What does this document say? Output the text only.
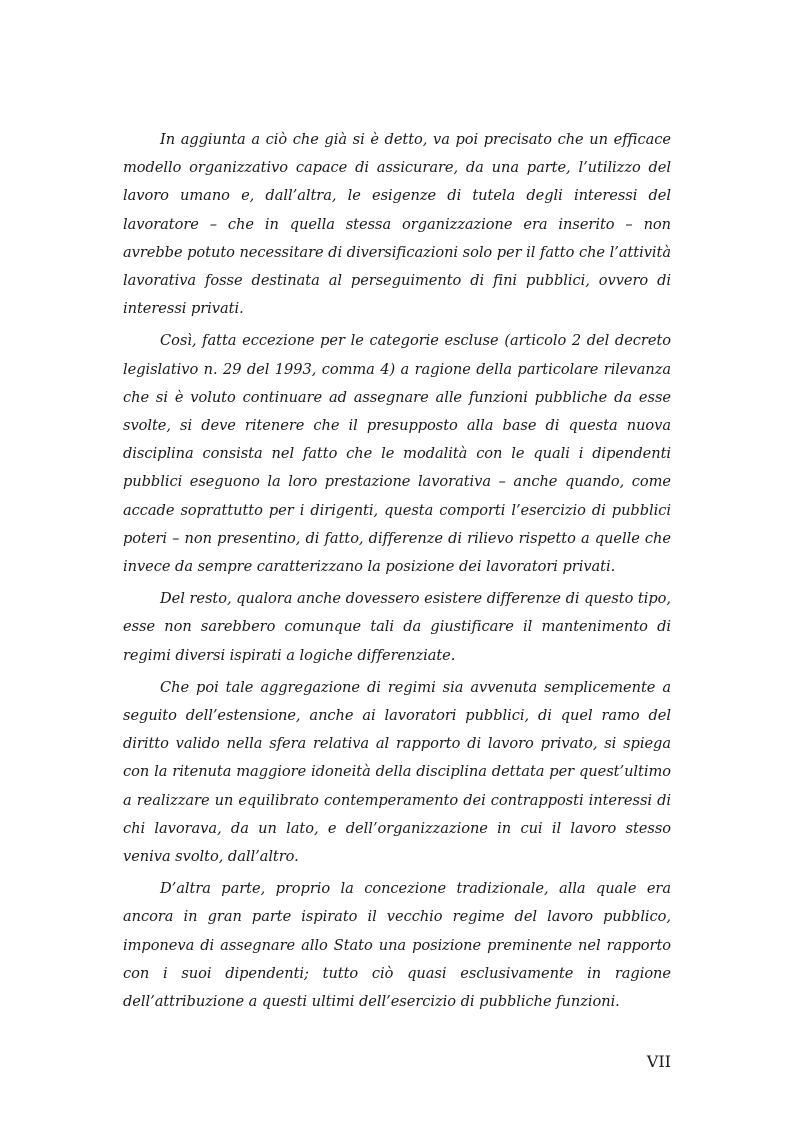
In aggiunta a ciò che già si è detto, va poi precisato che un efficace modello organizzativo capace di assicurare, da una parte, l’utilizzo del lavoro umano e, dall’altra, le esigenze di tutela degli interessi del lavoratore – che in quella stessa organizzazione era inserito – non avrebbe potuto necessitare di diversificazioni solo per il fatto che l’attività lavorativa fosse destinata al perseguimento di fini pubblici, ovvero di interessi privati.

Così, fatta eccezione per le categorie escluse (articolo 2 del decreto legislativo n. 29 del 1993, comma 4) a ragione della particolare rilevanza che si è voluto continuare ad assegnare alle funzioni pubbliche da esse svolte, si deve ritenere che il presupposto alla base di questa nuova disciplina consista nel fatto che le modalità con le quali i dipendenti pubblici eseguono la loro prestazione lavorativa – anche quando, come accade soprattutto per i dirigenti, questa comporti l’esercizio di pubblici poteri – non presentino, di fatto, differenze di rilievo rispetto a quelle che invece da sempre caratterizzano la posizione dei lavoratori privati.

Del resto, qualora anche dovessero esistere differenze di questo tipo, esse non sarebbero comunque tali da giustificare il mantenimento di regimi diversi ispirati a logiche differenziate.

Che poi tale aggregazione di regimi sia avvenuta semplicemente a seguito dell’estensione, anche ai lavoratori pubblici, di quel ramo del diritto valido nella sfera relativa al rapporto di lavoro privato, si spiega con la ritenuta maggiore idoneità della disciplina dettata per quest’ultimo a realizzare un equilibrato contemperamento dei contrapposti interessi di chi lavorava, da un lato, e dell’organizzazione in cui il lavoro stesso veniva svolto, dall’altro.

D’altra parte, proprio la concezione tradizionale, alla quale era ancora in gran parte ispirato il vecchio regime del lavoro pubblico, imponeva di assegnare allo Stato una posizione preminente nel rapporto con i suoi dipendenti; tutto ciò quasi esclusivamente in ragione dell’attribuzione a questi ultimi dell’esercizio di pubbliche funzioni.

VII
